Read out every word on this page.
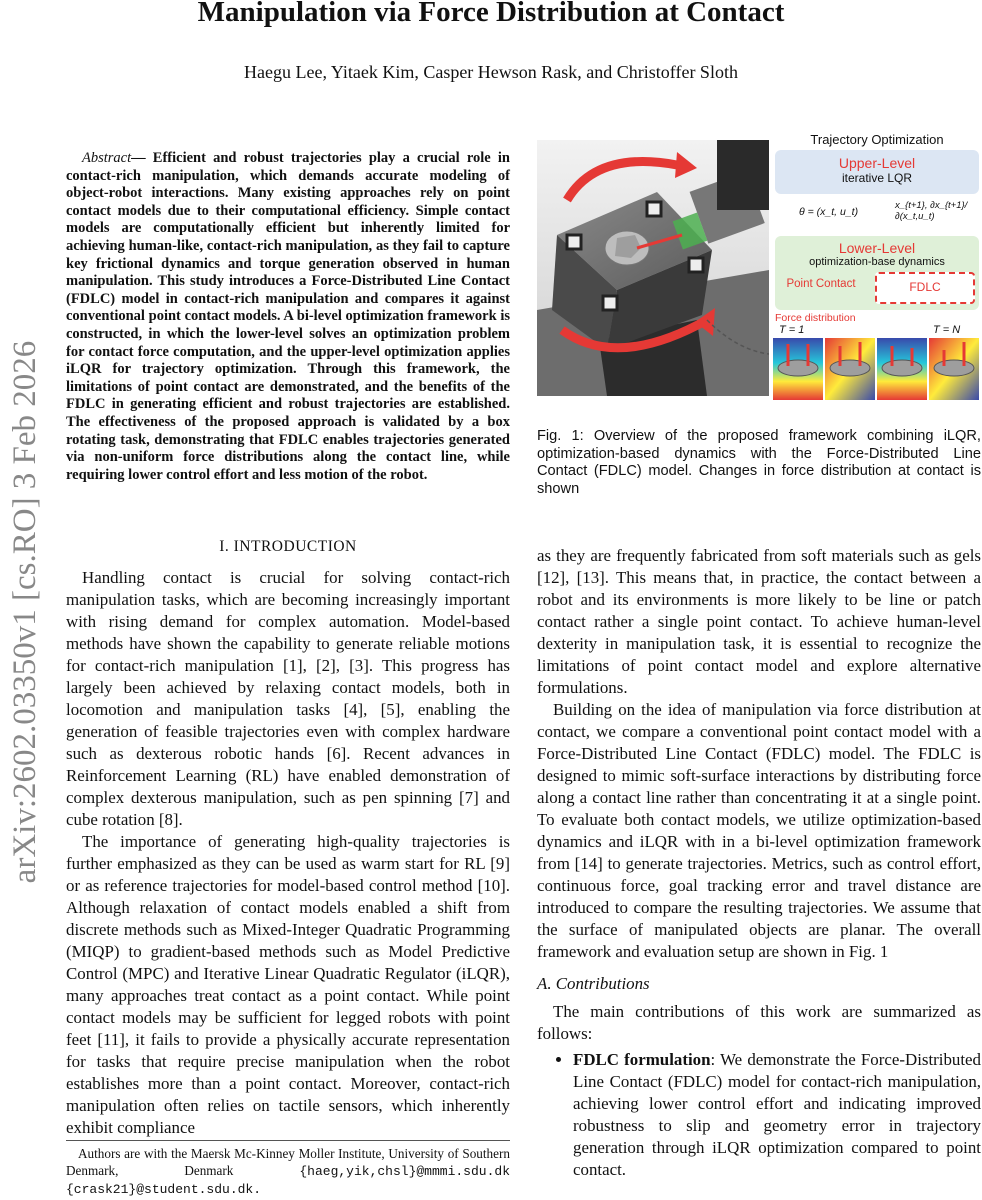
Manipulation via Force Distribution at Contact
Haegu Lee, Yitaek Kim, Casper Hewson Rask, and Christoffer Sloth
arXiv:2602.03350v1 [cs.RO] 3 Feb 2026
Abstract— Efficient and robust trajectories play a crucial role in contact-rich manipulation, which demands accurate modeling of object-robot interactions. Many existing approaches rely on point contact models due to their computational efficiency. Simple contact models are computationally efficient but inherently limited for achieving human-like, contact-rich manipulation, as they fail to capture key frictional dynamics and torque generation observed in human manipulation. This study introduces a Force-Distributed Line Contact (FDLC) model in contact-rich manipulation and compares it against conventional point contact models. A bi-level optimization framework is constructed, in which the lower-level solves an optimization problem for contact force computation, and the upper-level optimization applies iLQR for trajectory optimization. Through this framework, the limitations of point contact are demonstrated, and the benefits of the FDLC in generating efficient and robust trajectories are established. The effectiveness of the proposed approach is validated by a box rotating task, demonstrating that FDLC enables trajectories generated via non-uniform force distributions along the contact line, while requiring lower control effort and less motion of the robot.
I. INTRODUCTION

Handling contact is crucial for solving contact-rich manipulation tasks, which are becoming increasingly important with rising demand for complex automation. Model-based methods have shown the capability to generate reliable motions for contact-rich manipulation [1], [2], [3]. This progress has largely been achieved by relaxing contact models, both in locomotion and manipulation tasks [4], [5], enabling the generation of feasible trajectories even with complex hardware such as dexterous robotic hands [6]. Recent advances in Reinforcement Learning (RL) have enabled demonstration of complex dexterous manipulation, such as pen spinning [7] and cube rotation [8].

The importance of generating high-quality trajectories is further emphasized as they can be used as warm start for RL [9] or as reference trajectories for model-based control method [10]. Although relaxation of contact models enabled a shift from discrete methods such as Mixed-Integer Quadratic Programming (MIQP) to gradient-based methods such as Model Predictive Control (MPC) and Iterative Linear Quadratic Regulator (iLQR), many approaches treat contact as a point contact. While point contact models may be sufficient for legged robots with point feet [11], it fails to provide a physically accurate representation for tasks that require precise manipulation when the robot establishes more than a point contact. Moreover, contact-rich manipulation often relies on tactile sensors, which inherently exhibit compliance

Authors are with the Maersk Mc-Kinney Moller Institute, University of Southern Denmark, Denmark {haeg,yik,chsl}@mmmi.sdu.dk {crask21}@student.sdu.dk.
Trajectory Optimization
Upper-Level
iterative LQR
θ = (x_t, u_t)
x_{t+1}, ∂x_{t+1}/∂(x_t,u_t)
Lower-Level
optimization-base dynamics
Point Contact	FDLC
Force distribution
T = 1	T = N
Fig. 1: Overview of the proposed framework combining iLQR, optimization-based dynamics with the Force-Distributed Line Contact (FDLC) model. Changes in force distribution at contact is shown

as they are frequently fabricated from soft materials such as gels [12], [13]. This means that, in practice, the contact between a robot and its environments is more likely to be line or patch contact rather a single point contact. To achieve human-level dexterity in manipulation task, it is essential to recognize the limitations of point contact model and explore alternative formulations.

Building on the idea of manipulation via force distribution at contact, we compare a conventional point contact model with a Force-Distributed Line Contact (FDLC) model. The FDLC is designed to mimic soft-surface interactions by distributing force along a contact line rather than concentrating it at a single point. To evaluate both contact models, we utilize optimization-based dynamics and iLQR with in a bi-level optimization framework from [14] to generate trajectories. Metrics, such as control effort, continuous force, goal tracking error and travel distance are introduced to compare the resulting trajectories. We assume that the surface of manipulated objects are planar. The overall framework and evaluation setup are shown in Fig. 1

A. Contributions

The main contributions of this work are summarized as follows:

• FDLC formulation: We demonstrate the Force-Distributed Line Contact (FDLC) model for contact-rich manipulation, achieving lower control effort and indicating improved robustness to slip and geometry error in trajectory generation through iLQR optimization compared to point contact.
